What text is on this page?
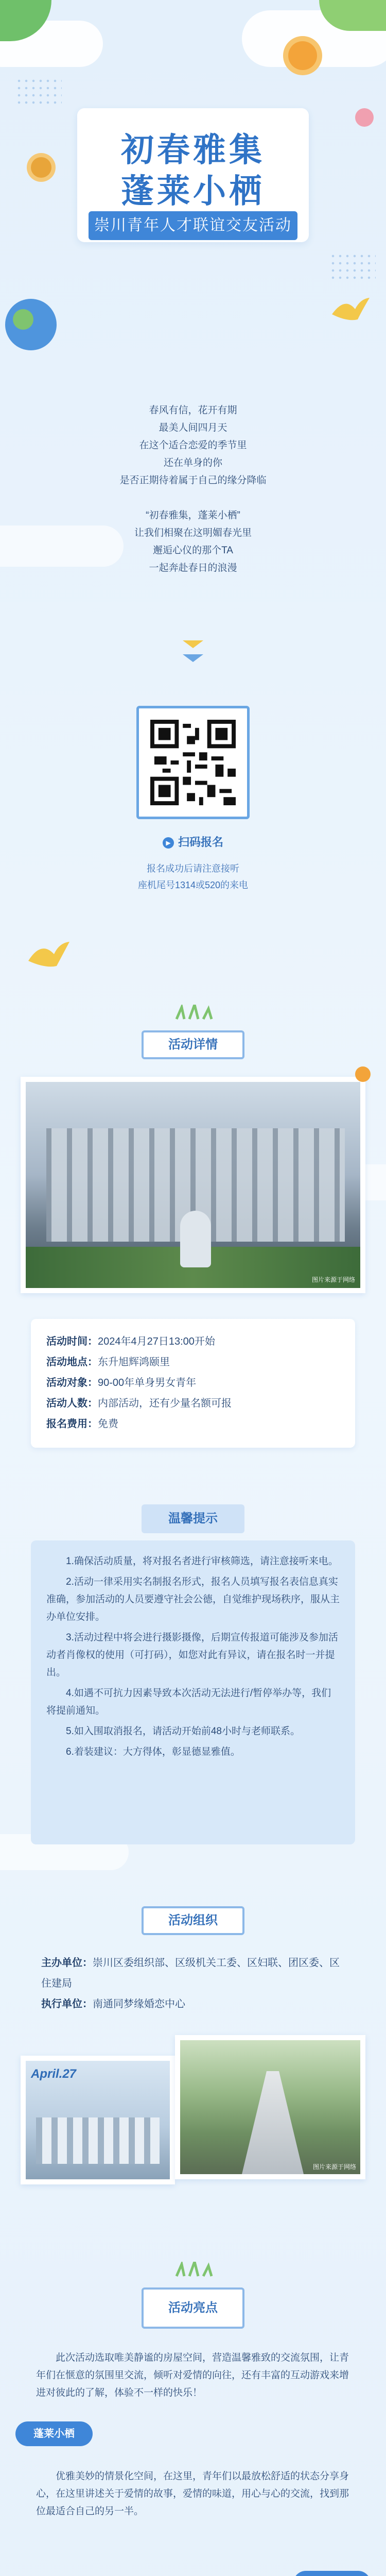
初春雅集
蓬莱小栖
崇川青年人才联谊交友活动
春风有信，花开有期
最美人间四月天
在这个适合恋爱的季节里
还在单身的你
是否正期待着属于自己的缘分降临

“初春雅集，蓬莱小栖”
让我们相聚在这明媚春光里
邂逅心仪的那个TA
一起奔赴春日的浪漫
▶ 扫码报名
报名成功后请注意接听
座机尾号1314或520的来电
活动详情
图片来源于网络
活动时间：2024年4月27日13:00开始
活动地点：东升旭辉鸿颐里
活动对象：90-00年单身男女青年
活动人数：内部活动，还有少量名额可报
报名费用：免费
温馨提示
1.确保活动质量，将对报名者进行审核筛选，请注意接听来电。
2.活动一律采用实名制报名形式，报名人员填写报名表信息真实准确，参加活动的人员要遵守社会公德，自觉维护现场秩序，服从主办单位安排。
3.活动过程中将会进行摄影摄像，后期宣传报道可能涉及参加活动者肖像权的使用（可打码），如您对此有异议，请在报名时一并提出。
4.如遇不可抗力因素导致本次活动无法进行/暂停举办等，我们将提前通知。
5.如入围取消报名，请活动开始前48小时与老师联系。
6.着装建议：大方得体，彰显德显雅值。
活动组织
主办单位：崇川区委组织部、区级机关工委、区妇联、团区委、区住建局
执行单位：南通同梦缘婚恋中心
April.27
图片来源于网络
活动亮点
此次活动选取唯美静谧的房屋空间，营造温馨雅致的交流氛围，让青年们在惬意的氛围里交流，倾听对爱情的向往，还有丰富的互动游戏来增进对彼此的了解，体验不一样的快乐！
蓬莱小栖
优雅美妙的情景化空间，在这里，青年们以最放松舒适的状态分享身心，在这里讲述关于爱情的故事，爱情的味道，用心与心的交流，找到那位最适合自己的另一半。
